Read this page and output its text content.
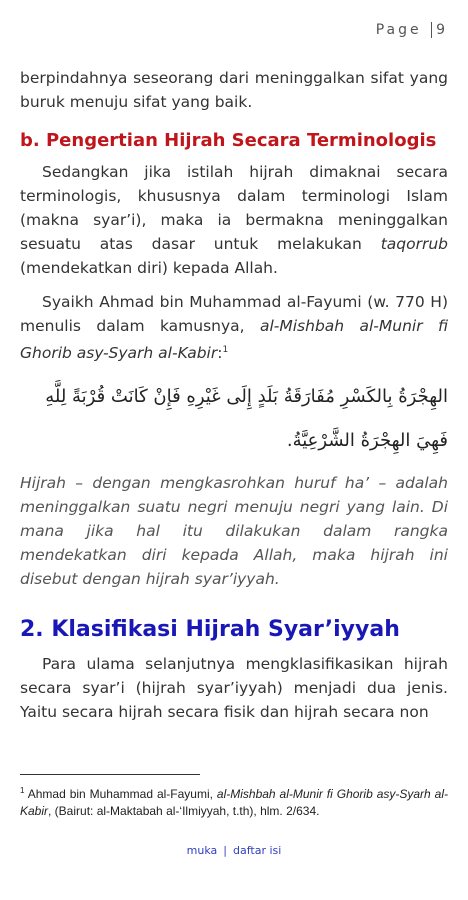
Page 9

berpindahnya seseorang dari meninggalkan sifat yang buruk menuju sifat yang baik.

b. Pengertian Hijrah Secara Terminologis

Sedangkan jika istilah hijrah dimaknai secara terminologis, khususnya dalam terminologi Islam (makna syar’i), maka ia bermakna meninggalkan sesuatu atas dasar untuk melakukan taqorrub (mendekatkan diri) kepada Allah.

Syaikh Ahmad bin Muhammad al-Fayumi (w. 770 H) menulis dalam kamusnya, al-Mishbah al-Munir fi Ghorib asy-Syarh al-Kabir:$^1$

الهِجْرَةُ بِالكَسْرِ مُفَارَقَةُ بَلَدٍ إِلَى غَيْرِهِ فَإِنْ كَانَتْ قُرْبَةً لِلَّهِ فَهِيَ الهِجْرَةُ الشَّرْعِيَّةُ.

Hijrah – dengan mengkasrohkan huruf ha’ – adalah meninggalkan suatu negri menuju negri yang lain. Di mana jika hal itu dilakukan dalam rangka mendekatkan diri kepada Allah, maka hijrah ini disebut dengan hijrah syar’iyyah.

2. Klasifikasi Hijrah Syar’iyyah

Para ulama selanjutnya mengklasifikasikan hijrah secara syar’i (hijrah syar’iyyah) menjadi dua jenis. Yaitu secara hijrah secara fisik dan hijrah secara non

$^1$ Ahmad bin Muhammad al-Fayumi, al-Mishbah al-Munir fi Ghorib asy-Syarh al-Kabir, (Bairut: al-Maktabah al-‘Ilmiyyah, t.th), hlm. 2/634.
muka | daftar isi
